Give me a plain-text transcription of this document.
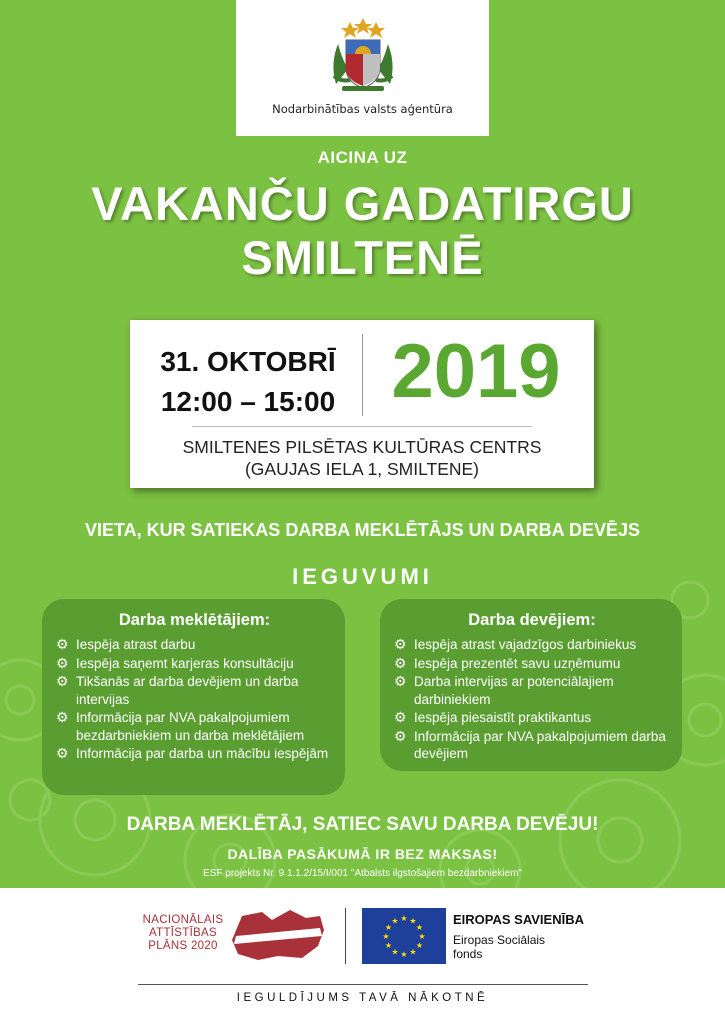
Nodarbinātības valsts aģentūra
AICINA UZ
VAKANČU GADATIRGU
SMILTENĒ
31. OKTOBRĪ
12:00 – 15:00 2019
SMILTENES PILSĒTAS KULTŪRAS CENTRS
(GAUJAS IELA 1, SMILTENE)
VIETA, KUR SATIEKAS DARBA MEKLĒTĀJS UN DARBA DEVĒJS
IEGUVUMI
Darba meklētājiem:
⚙ Iespēja atrast darbu
⚙ Iespēja saņemt karjeras konsultāciju
⚙ Tikšanās ar darba devējiem un darba intervijas
⚙ Informācija par NVA pakalpojumiem bezdarbniekiem un darba meklētājiem
⚙ Informācija par darba un mācību iespējām
Darba devējiem:
⚙ Iespēja atrast vajadzīgos darbiniekus
⚙ Iespēja prezentēt savu uzņēmumu
⚙ Darba intervijas ar potenciālajiem darbiniekiem
⚙ Iespēja piesaistīt praktikantus
⚙ Informācija par NVA pakalpojumiem darba devējiem
DARBA MEKLĒTĀJ, SATIEC SAVU DARBA DEVĒJU!
DALĪBA PASĀKUMĀ IR BEZ MAKSAS!
ESF projekts Nr. 9.1.1.2/15/I/001 "Atbalsts ilgstošajiem bezdarbniekiem"
NACIONĀLAIS
ATTĪSTĪBAS
PLĀNS 2020
★ ★
★
★
★
★
★
★
★
★
★
★	EIROPAS SAVIENĪBA
Eiropas Sociālais
fonds
IEGULDĪJUMS TAVĀ NĀKOTNĒ
